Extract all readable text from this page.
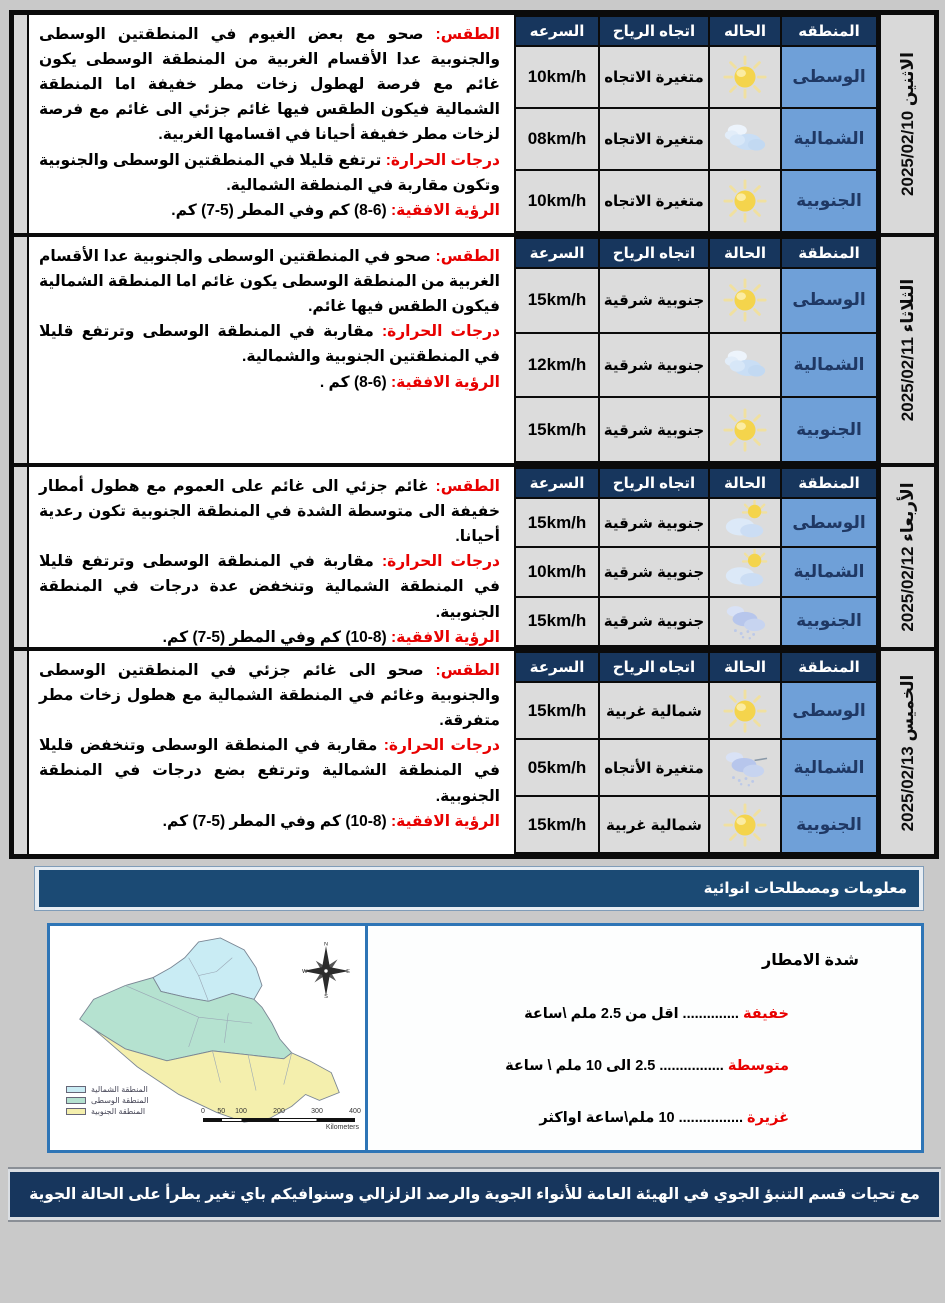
الاثنين 2025/02/10
المنطقه	الحاله	اتجاه الرياح	السرعه
الوسطى		متغيرة الاتجاه	10km/h
الشمالية		متغيرة الاتجاه	08km/h
الجنوبية		متغيرة الاتجاه	10km/h

الطقس: صحو مع بعض الغيوم في المنطقتين الوسطى والجنوبية عدا الأقسام الغربية من المنطقة الوسطى يكون غائم مع فرصة لهطول زخات مطر خفيفة اما المنطقة الشمالية فيكون الطقس فيها غائم جزئي الى غائم مع فرصة لزخات مطر خفيفة أحيانا في اقسامها الغربية.

درجات الحرارة: ترتفع قليلا في المنطقتين الوسطى والجنوبية وتكون مقاربة في المنطقة الشمالية.

الرؤية الافقية: (6-8) كم وفي المطر (5-7) كم.

الثلاثاء 2025/02/11
المنطقة	الحالة	اتجاه الرياح	السرعة
الوسطى		جنوبية شرقية	15km/h
الشمالية		جنوبية شرقية	12km/h
الجنوبية		جنوبية شرقية	15km/h

الطقس: صحو في المنطقتين الوسطى والجنوبية عدا الأقسام الغربية من المنطقة الوسطى يكون غائم اما المنطقة الشمالية فيكون الطقس فيها غائم.

درجات الحرارة: مقاربة في المنطقة الوسطى وترتفع قليلا في المنطقتين الجنوبية والشمالية.

الرؤية الافقية: (6-8) كم .

الأربعاء 2025/02/12
المنطقة	الحالة	اتجاه الرياح	السرعة
الوسطى		جنوبية شرقية	15km/h
الشمالية		جنوبية شرقية	10km/h
الجنوبية		جنوبية شرقية	15km/h

الطقس: غائم جزئي الى غائم على العموم مع هطول أمطار خفيفة الى متوسطة الشدة في المنطقة الجنوبية تكون رعدية أحيانا.

درجات الحرارة: مقاربة في المنطقة الوسطى وترتفع قليلا في المنطقة الشمالية وتنخفض عدة درجات في المنطقة الجنوبية.

الرؤية الافقية: (8-10) كم وفي المطر (5-7) كم.

الخميس 2025/02/13
المنطقة	الحالة	اتجاه الرياح	السرعة
الوسطى		شمالية غربية	15km/h
الشمالية		متغيرة الأتجاه	05km/h
الجنوبية		شمالية غربية	15km/h

الطقس: صحو الى غائم جزئي في المنطقتين الوسطى والجنوبية وغائم في المنطقة الشمالية مع هطول زخات مطر متفرقة.

درجات الحرارة: مقاربة في المنطقة الوسطى وتنخفض قليلا في المنطقة الشمالية وترتفع بضع درجات في المنطقة الجنوبية.

الرؤية الافقية: (8-10) كم وفي المطر (5-7) كم.

معلومات ومصطلحات انوائية
شدة الامطار
خفيفة..............اقل من 2.5 ملم \ساعة
متوسطة................2.5 الى 10 ملم \ ساعة
غزيرة................10 ملم\ساعة اواكثر
N
E
S
W
المنطقة الشمالية
المنطقة الوسطى
المنطقة الجنوبية	0 50 100	200	300	400
Kilometers
مع تحيات قسم التنبؤ الجوي في الهيئة العامة للأنواء الجوية والرصد الزلزالي وسنوافيكم باي تغير يطرأ على الحالة الجوية
